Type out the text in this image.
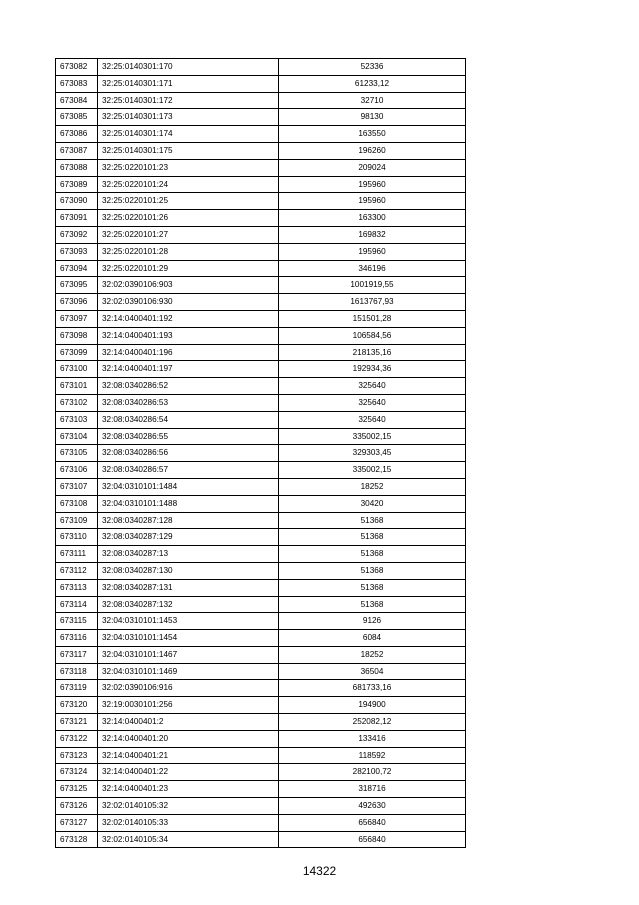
673082	32:25:0140301:170	52336
673083	32:25:0140301:171	61233,12
673084	32:25:0140301:172	32710
673085	32:25:0140301:173	98130
673086	32:25:0140301:174	163550
673087	32:25:0140301:175	196260
673088	32:25:0220101:23	209024
673089	32:25:0220101:24	195960
673090	32:25:0220101:25	195960
673091	32:25:0220101:26	163300
673092	32:25:0220101:27	169832
673093	32:25:0220101:28	195960
673094	32:25:0220101:29	346196
673095	32:02:0390106:903	1001919,55
673096	32:02:0390106:930	1613767,93
673097	32:14:0400401:192	151501,28
673098	32:14:0400401:193	106584,56
673099	32:14:0400401:196	218135,16
673100	32:14:0400401:197	192934,36
673101	32:08:0340286:52	325640
673102	32:08:0340286:53	325640
673103	32:08:0340286:54	325640
673104	32:08:0340286:55	335002,15
673105	32:08:0340286:56	329303,45
673106	32:08:0340286:57	335002,15
673107	32:04:0310101:1484	18252
673108	32:04:0310101:1488	30420
673109	32:08:0340287:128	51368
673110	32:08:0340287:129	51368
673111	32:08:0340287:13	51368
673112	32:08:0340287:130	51368
673113	32:08:0340287:131	51368
673114	32:08:0340287:132	51368
673115	32:04:0310101:1453	9126
673116	32:04:0310101:1454	6084
673117	32:04:0310101:1467	18252
673118	32:04:0310101:1469	36504
673119	32:02:0390106:916	681733,16
673120	32:19:0030101:256	194900
673121	32:14:0400401:2	252082,12
673122	32:14:0400401:20	133416
673123	32:14:0400401:21	118592
673124	32:14:0400401:22	282100,72
673125	32:14:0400401:23	318716
673126	32:02:0140105:32	492630
673127	32:02:0140105:33	656840
673128	32:02:0140105:34	656840
14322
